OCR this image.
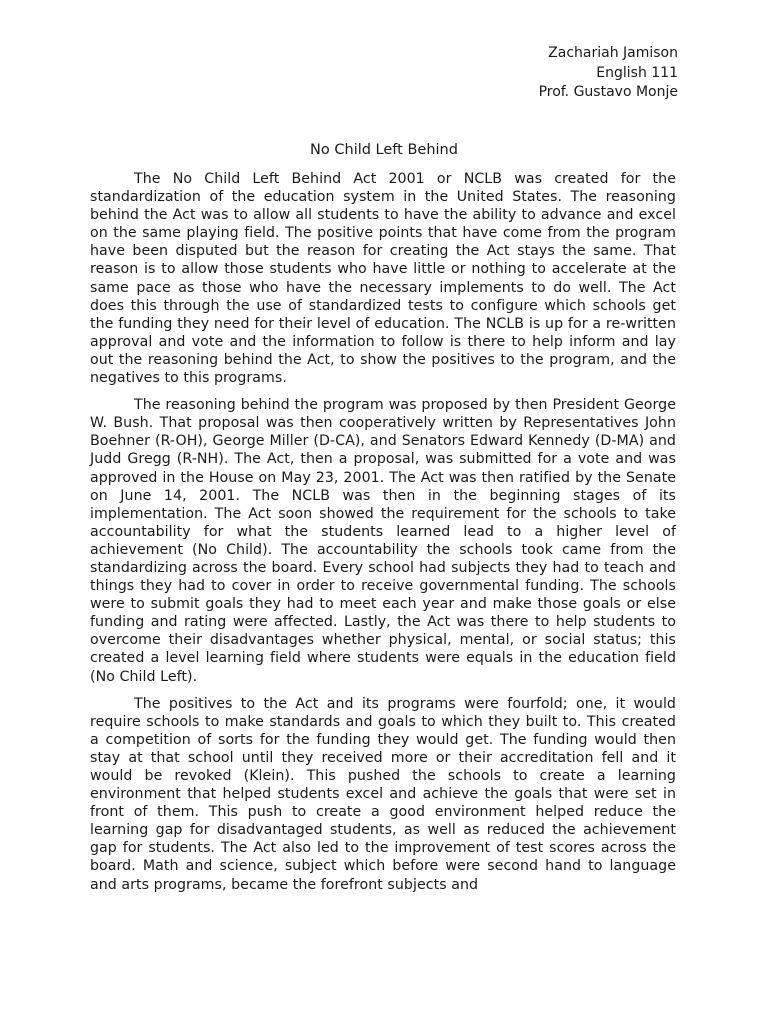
Zachariah Jamison
English 111
Prof. Gustavo Monje
No Child Left Behind

The No Child Left Behind Act 2001 or NCLB was created for the standardization of the education system in the United States. The reasoning behind the Act was to allow all students to have the ability to advance and excel on the same playing field. The positive points that have come from the program have been disputed but the reason for creating the Act stays the same. That reason is to allow those students who have little or nothing to accelerate at the same pace as those who have the necessary implements to do well. The Act does this through the use of standardized tests to configure which schools get the funding they need for their level of education. The NCLB is up for a re-written approval and vote and the information to follow is there to help inform and lay out the reasoning behind the Act, to show the positives to the program, and the negatives to this programs.

The reasoning behind the program was proposed by then President George W. Bush. That proposal was then cooperatively written by Representatives John Boehner (R-OH), George Miller (D-CA), and Senators Edward Kennedy (D-MA) and Judd Gregg (R-NH). The Act, then a proposal, was submitted for a vote and was approved in the House on May 23, 2001. The Act was then ratified by the Senate on June 14, 2001. The NCLB was then in the beginning stages of its implementation. The Act soon showed the requirement for the schools to take accountability for what the students learned lead to a higher level of achievement (No Child). The accountability the schools took came from the standardizing across the board. Every school had subjects they had to teach and things they had to cover in order to receive governmental funding. The schools were to submit goals they had to meet each year and make those goals or else funding and rating were affected. Lastly, the Act was there to help students to overcome their disadvantages whether physical, mental, or social status; this created a level learning field where students were equals in the education field (No Child Left).

The positives to the Act and its programs were fourfold; one, it would require schools to make standards and goals to which they built to. This created a competition of sorts for the funding they would get. The funding would then stay at that school until they received more or their accreditation fell and it would be revoked (Klein). This pushed the schools to create a learning environment that helped students excel and achieve the goals that were set in front of them. This push to create a good environment helped reduce the learning gap for disadvantaged students, as well as reduced the achievement gap for students. The Act also led to the improvement of test scores across the board. Math and science, subject which before were second hand to language and arts programs, became the forefront subjects and
